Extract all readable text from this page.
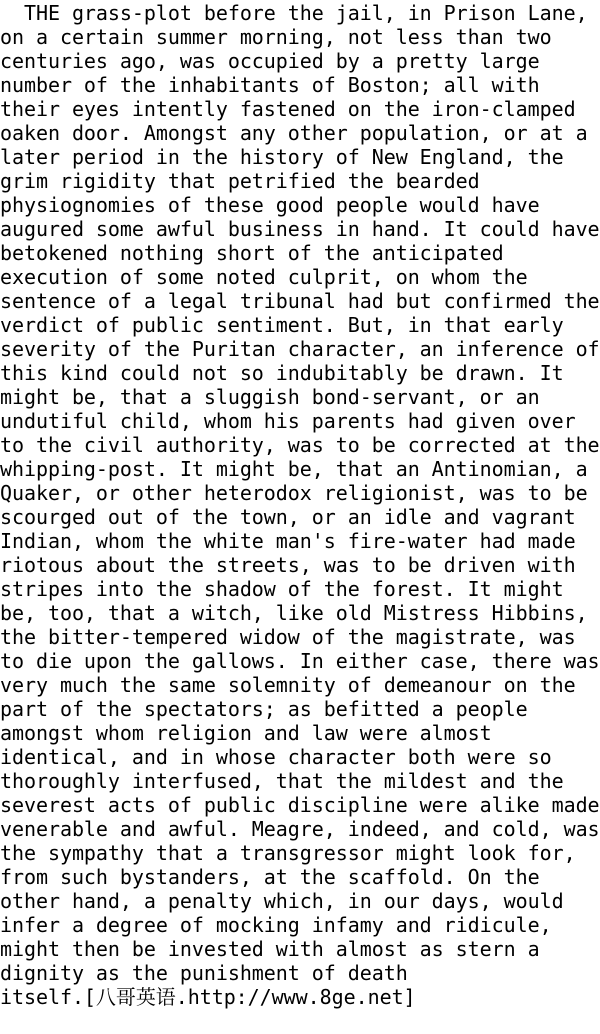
THE grass-plot before the jail, in Prison Lane,
on a certain summer morning, not less than two
centuries ago, was occupied by a pretty large
number of the inhabitants of Boston; all with
their eyes intently fastened on the iron-clamped
oaken door. Amongst any other population, or at a
later period in the history of New England, the
grim rigidity that petrified the bearded
physiognomies of these good people would have
augured some awful business in hand. It could have
betokened nothing short of the anticipated
execution of some noted culprit, on whom the
sentence of a legal tribunal had but confirmed the
verdict of public sentiment. But, in that early
severity of the Puritan character, an inference of
this kind could not so indubitably be drawn. It
might be, that a sluggish bond-servant, or an
undutiful child, whom his parents had given over
to the civil authority, was to be corrected at the
whipping-post. It might be, that an Antinomian, a
Quaker, or other heterodox religionist, was to be
scourged out of the town, or an idle and vagrant
Indian, whom the white man's fire-water had made
riotous about the streets, was to be driven with
stripes into the shadow of the forest. It might
be, too, that a witch, like old Mistress Hibbins,
the bitter-tempered widow of the magistrate, was
to die upon the gallows. In either case, there was
very much the same solemnity of demeanour on the
part of the spectators; as befitted a people
amongst whom religion and law were almost
identical, and in whose character both were so
thoroughly interfused, that the mildest and the
severest acts of public discipline were alike made
venerable and awful. Meagre, indeed, and cold, was
the sympathy that a transgressor might look for,
from such bystanders, at the scaffold. On the
other hand, a penalty which, in our days, would
infer a degree of mocking infamy and ridicule,
might then be invested with almost as stern a
dignity as the punishment of death
itself.[八哥英语.http://www.8ge.net]
